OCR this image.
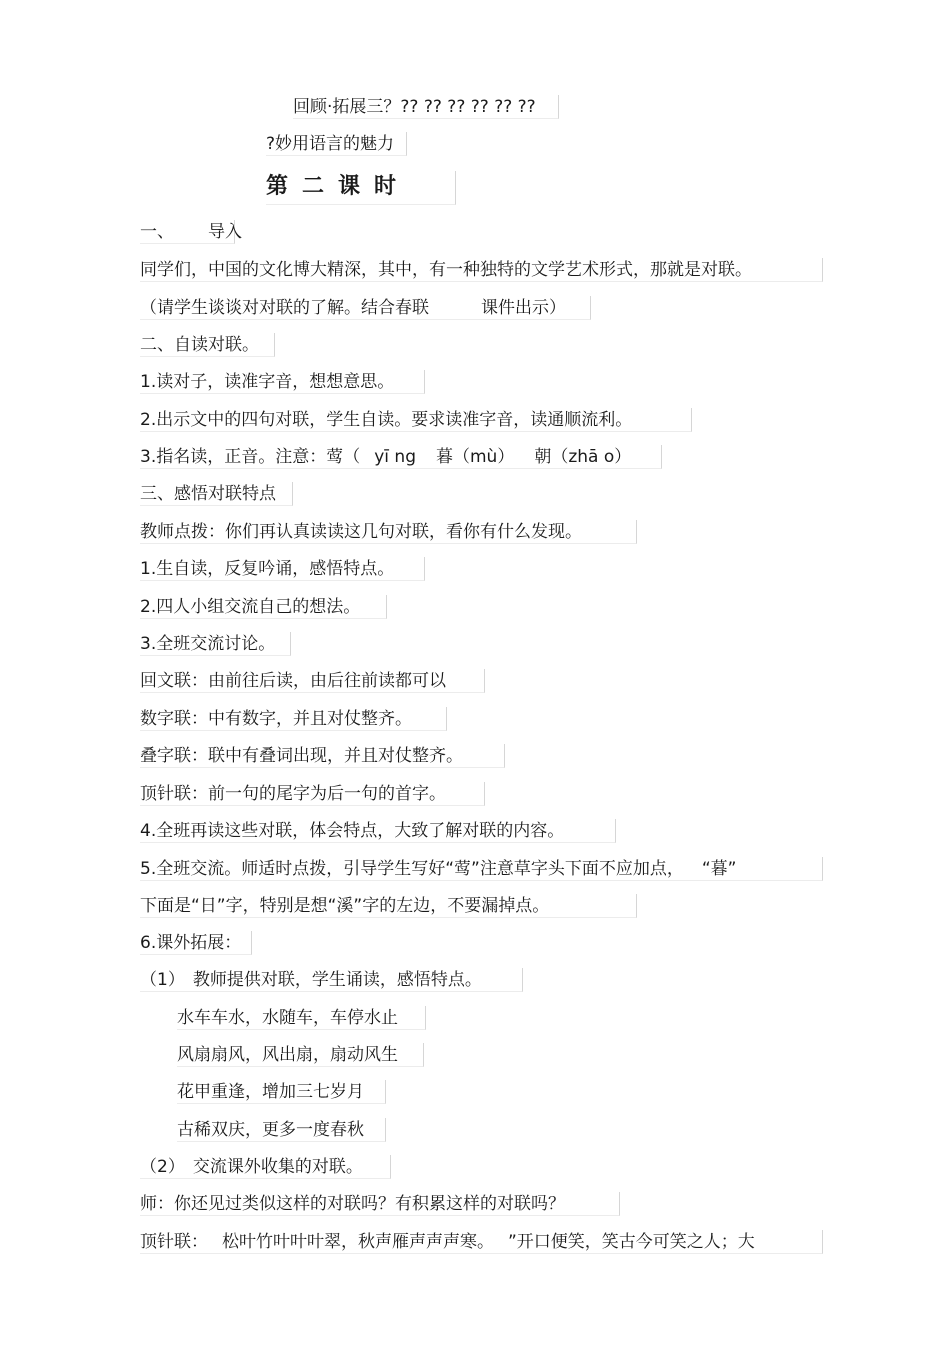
回顾·拓展三？?? ?? ?? ?? ?? ??
?妙用语言的魅力
第二课时
一、 导入
同学们，中国的文化博大精深，其中，有一种独特的文学艺术形式，那就是对联。
（请学生谈谈对对联的了解。结合春联	课件出示）
二、自读对联。
1.读对子，读准字音，想想意思。
2.出示文中的四句对联，学生自读。要求读准字音，读通顺流利。
3.指名读，正音。注意：莺（ yī ng 暮（mù） 朝（zhā o）
三、感悟对联特点
教师点拨：你们再认真读读这几句对联，看你有什么发现。
1.生自读，反复吟诵，感悟特点。
2.四人小组交流自己的想法。
3.全班交流讨论。
回文联：由前往后读，由后往前读都可以
数字联：中有数字，并且对仗整齐。
叠字联：联中有叠词出现，并且对仗整齐。
顶针联：前一句的尾字为后一句的首字。
4.全班再读这些对联，体会特点，大致了解对联的内容。
5.全班交流。师适时点拨，引导学生写好“莺”注意草字头下面不应加点， “暮”
下面是“日”字，特别是想“溪”字的左边，不要漏掉点。
6.课外拓展：
（1） 教师提供对联，学生诵读，感悟特点。
水车车水，水随车，车停水止
风扇扇风，风出扇，扇动风生
花甲重逢，增加三七岁月
古稀双庆，更多一度春秋
（2） 交流课外收集的对联。
师：你还见过类似这样的对联吗？有积累这样的对联吗？
顶针联： 松叶竹叶叶叶翠，秋声雁声声声寒。 ”开口便笑，笑古今可笑之人；大
